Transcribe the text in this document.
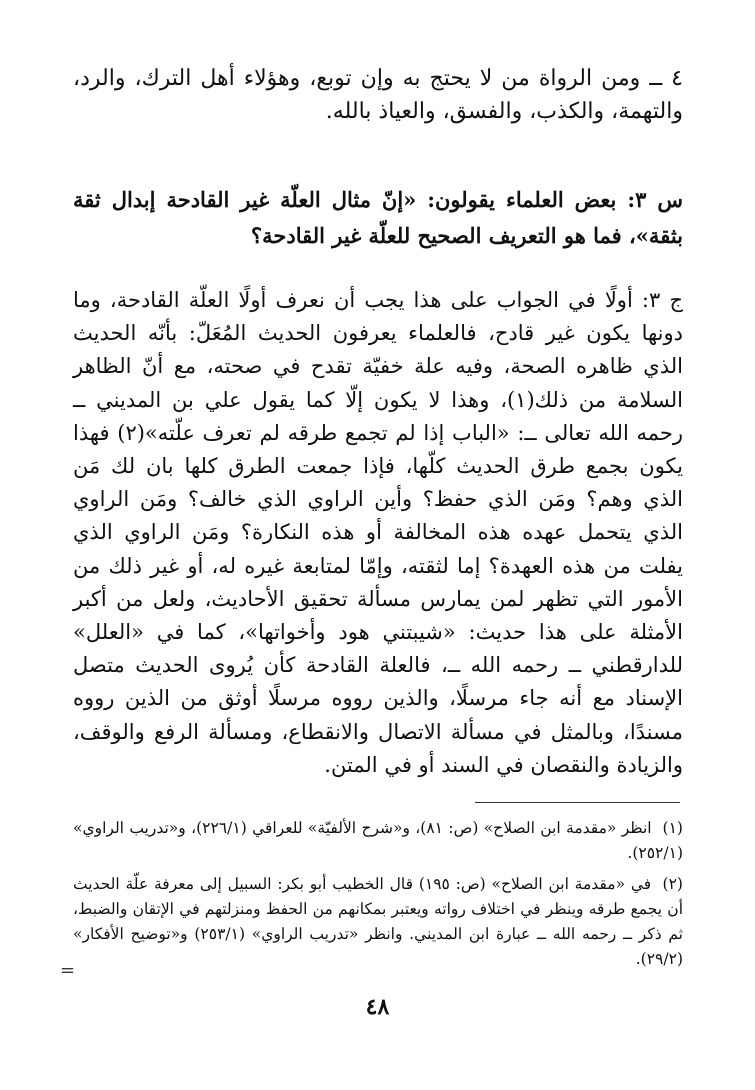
٤ ــ ومن الرواة من لا يحتج به وإن توبع، وهؤلاء أهل الترك، والرد، والتهمة، والكذب، والفسق، والعياذ بالله.
س ٣: بعض العلماء يقولون: «إنّ مثال العلّة غير القادحة إبدال ثقة بثقة»، فما هو التعريف الصحيح للعلّة غير القادحة؟
ج ٣: أولًا في الجواب على هذا يجب أن نعرف أولًا العلّة القادحة، وما دونها يكون غير قادح، فالعلماء يعرفون الحديث المُعَلّ: بأنّه الحديث الذي ظاهره الصحة، وفيه علة خفيّة تقدح في صحته، مع أنّ الظاهر السلامة من ذلك(١)، وهذا لا يكون إلّا كما يقول علي بن المديني ــ رحمه الله تعالى ــ: «الباب إذا لم تجمع طرقه لم تعرف علّته»(٢) فهذا يكون بجمع طرق الحديث كلّها، فإذا جمعت الطرق كلها بان لك مَن الذي وهم؟ ومَن الذي حفظ؟ وأين الراوي الذي خالف؟ ومَن الراوي الذي يتحمل عهده هذه المخالفة أو هذه النكارة؟ ومَن الراوي الذي يفلت من هذه العهدة؟ إما لثقته، وإمّا لمتابعة غيره له، أو غير ذلك من الأمور التي تظهر لمن يمارس مسألة تحقيق الأحاديث، ولعل من أكبر الأمثلة على هذا حديث: «شيبتني هود وأخواتها»، كما في «العلل» للدارقطني ــ رحمه الله ــ، فالعلة القادحة كأن يُروى الحديث متصل الإسناد مع أنه جاء مرسلًا، والذين رووه مرسلًا أوثق من الذين رووه مسندًا، وبالمثل في مسألة الاتصال والانقطاع، ومسألة الرفع والوقف، والزيادة والنقصان في السند أو في المتن.
(١) انظر «مقدمة ابن الصلاح» (ص: ٨١)، و«شرح الألفيّة» للعراقي (٢٢٦/١)، و«تدريب الراوي» (٢٥٢/١).
(٢) في «مقدمة ابن الصلاح» (ص: ١٩٥) قال الخطيب أبو بكر: السبيل إلى معرفة علّة الحديث أن يجمع طرقه وينظر في اختلاف رواته ويعتبر بمكانهم من الحفظ ومنزلتهم في الإتقان والضبط، ثم ذكر ــ رحمه الله ــ عبارة ابن المديني. وانظر «تدريب الراوي» (٢٥٣/١) و«توضيح الأفكار» (٢٩/٢).
=
٤٨
